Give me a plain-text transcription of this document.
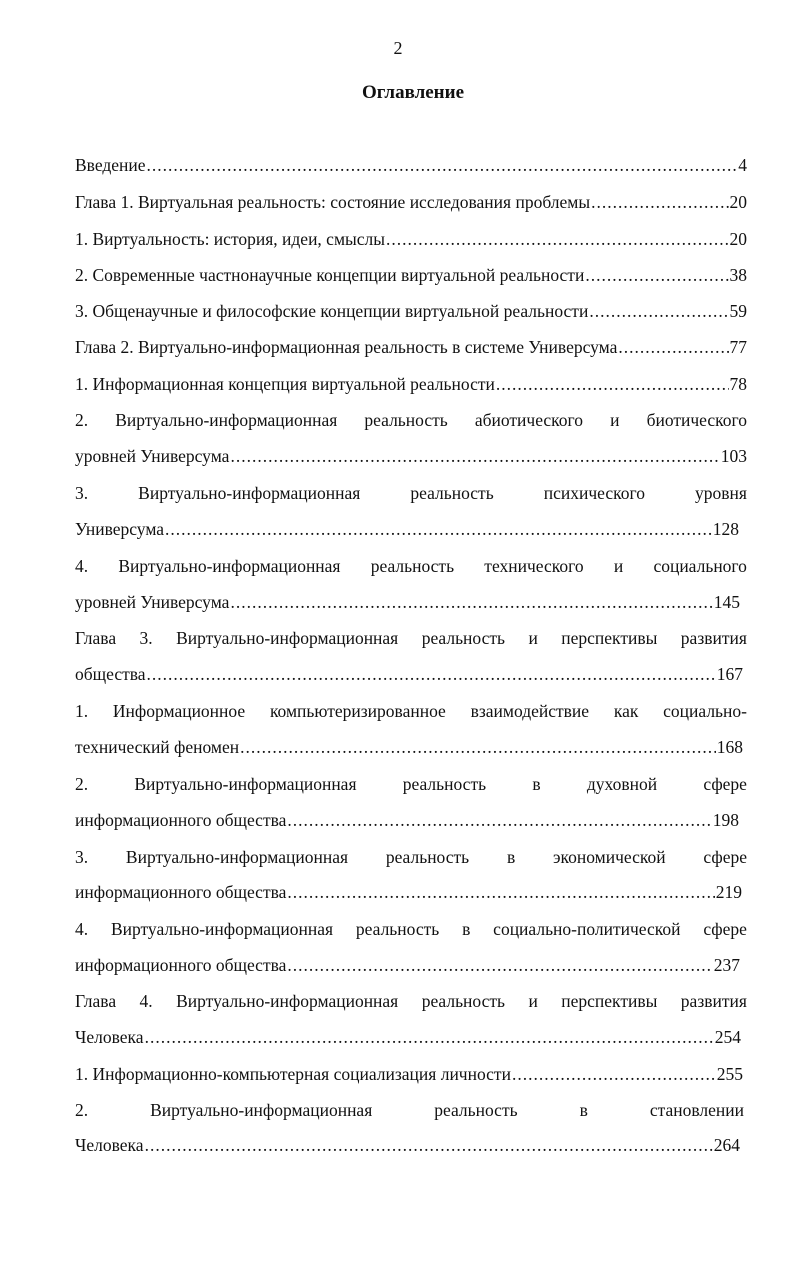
2
Оглавление
Введение .....	4
Глава 1. Виртуальная реальность: состояние исследования проблемы .....	20
1. Виртуальность: история, идеи, смыслы .....	20
2. Современные частнонаучные концепции виртуальной реальности .....	38
3. Общенаучные и философские концепции виртуальной реальности .....	59
Глава 2. Виртуально-информационная реальность в системе Универсума .....	77
1. Информационная концепция виртуальной реальности .....	78
2. Виртуально-информационная реальность абиотического и биотического
уровней Универсума .....	103
3.	Виртуально-информационная	реальность	психического	уровня
Универсума .....	128
4. Виртуально-информационная реальность технического и социального
уровней Универсума .....	145
Глава 3. Виртуально-информационная реальность и перспективы развития
общества .....	167
1. Информационное компьютеризированное взаимодействие как социально-
технический феномен .....	168
2.	Виртуально-информационная	реальность	в	духовной	сфере
информационного общества .....	198
3. Виртуально-информационная реальность в экономической сфере
информационного общества .....	219
4. Виртуально-информационная реальность в социально-политической сфере
информационного общества .....	237
Глава 4. Виртуально-информационная реальность и перспективы развития
Человека .....	254
1. Информационно-компьютерная социализация личности .....	255
2.	Виртуально-информационная	реальность	в	становлении
Человека .....	264
